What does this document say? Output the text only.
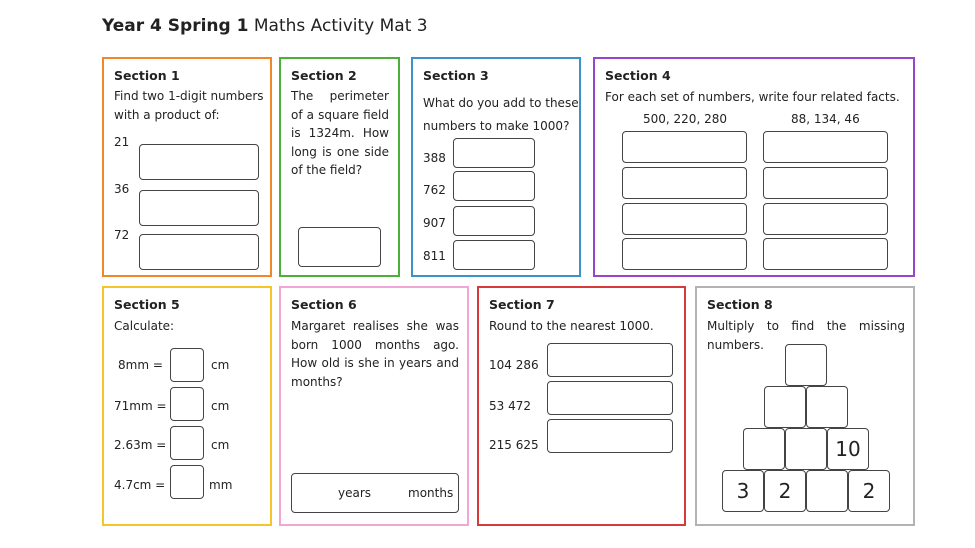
Year 4 Spring 1 Maths Activity Mat 3
Section 1
Find two 1-digit numbers
with a product of:
21
36
72
Section 2
The perimeter
of a square field
is 1324m. How
long is one side
of the field?
Section 3
What do you add to these
numbers to make 1000?
388
762
907
811
Section 4
For each set of numbers, write four related facts.
500, 220, 280	88, 134, 46
Section 5
Calculate:
8mm =	cm
71mm =	cm
2.63m =	cm
4.7cm =	mm
Section 6
Margaret realises she was
born 1000 months ago.
How old is she in years and
months?
years	months
Section 7
Round to the nearest 1000.
104 286
53 472
215 625
Section 8
Multiply to find the missing
numbers.
10
3	2	2
